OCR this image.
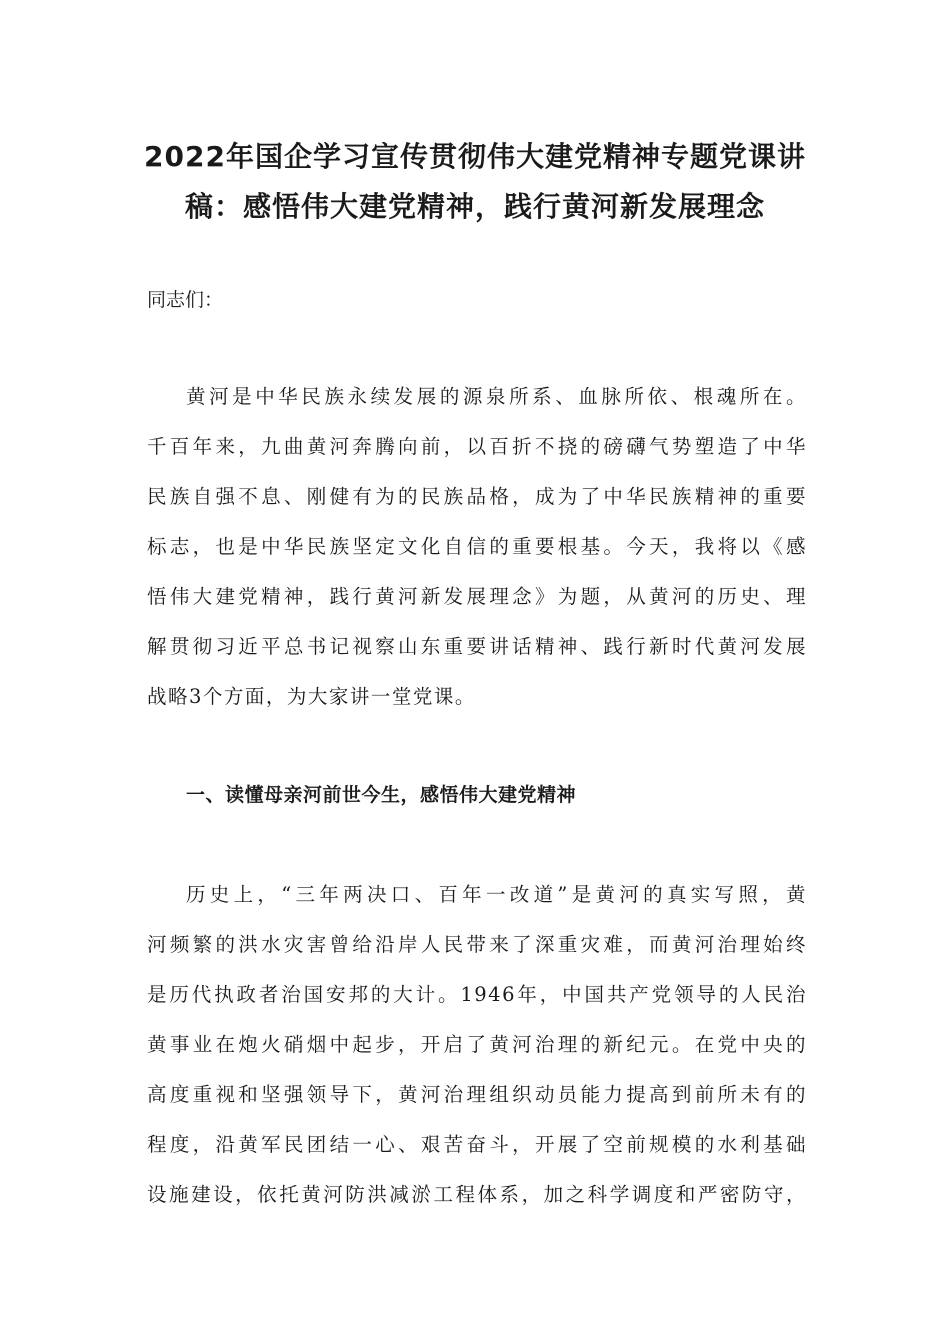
2022年国企学习宣传贯彻伟大建党精神专题党课讲
稿：感悟伟大建党精神，践行黄河新发展理念

同志们：

黄河是中华民族永续发展的源泉所系、血脉所依、根魂所在。
千百年来，九曲黄河奔腾向前，以百折不挠的磅礴气势塑造了中华
民族自强不息、刚健有为的民族品格，成为了中华民族精神的重要
标志，也是中华民族坚定文化自信的重要根基。今天，我将以《感
悟伟大建党精神，践行黄河新发展理念》为题，从黄河的历史、理
解贯彻习近平总书记视察山东重要讲话精神、践行新时代黄河发展
战略3个方面，为大家讲一堂党课。

一、读懂母亲河前世今生，感悟伟大建党精神

历史上，“三年两决口、百年一改道”是黄河的真实写照，黄
河频繁的洪水灾害曾给沿岸人民带来了深重灾难，而黄河治理始终
是历代执政者治国安邦的大计。1946年，中国共产党领导的人民治
黄事业在炮火硝烟中起步，开启了黄河治理的新纪元。在党中央的
高度重视和坚强领导下，黄河治理组织动员能力提高到前所未有的
程度，沿黄军民团结一心、艰苦奋斗，开展了空前规模的水利基础
设施建设，依托黄河防洪减淤工程体系，加之科学调度和严密防守，
